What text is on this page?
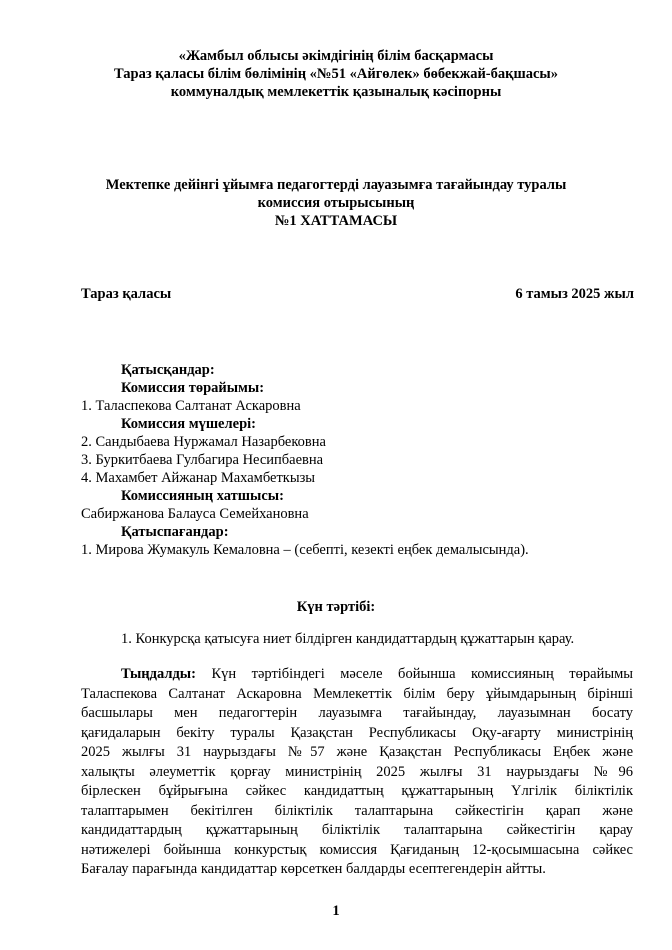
«Жамбыл облысы әкімдігінің білім басқармасы
Тараз қаласы білім бөлімінің «№51 «Айгөлек» бөбекжай-бақшасы»
коммуналдық мемлекеттік қазыналық кәсіпорны
Мектепке дейінгі ұйымға педагогтерді лауазымға тағайындау туралы
комиссия отырысының
№1 ХАТТАМАСЫ
Тараз қаласы	6 тамыз 2025 жыл
Қатысқандар:
Комиссия төрайымы:
1. Таласпекова Салтанат Аскаровна
Комиссия мүшелері:
2. Сандыбаева Нуржамал Назарбековна
3. Буркитбаева Гулбагира Несипбаевна
4. Махамбет Айжанар Махамбеткызы
Комиссияның хатшысы:
Сабиржанова Балауса Семейхановна
Қатыспағандар:
1. Мирова Жумакуль Кемаловна – (себепті, кезекті еңбек демалысында).
Күн тәртібі:
1. Конкурсқа қатысуға ниет білдірген кандидаттардың құжаттарын қарау.

Тыңдалды: Күн тәртібіндегі мәселе бойынша комиссияның төрайымы

Таласпекова Салтанат Аскаровна Мемлекеттік білім беру ұйымдарының бірінші

басшылары мен педагогтерін лауазымға тағайындау, лауазымнан босату

қағидаларын бекіту туралы Қазақстан Республикасы Оқу-ағарту министрінің

2025 жылғы 31 наурыздағы №57 және Қазақстан Республикасы Еңбек және

халықты әлеуметтік қорғау министрінің 2025 жылғы 31 наурыздағы №96

бірлескен бұйрығына сәйкес кандидаттың құжаттарының Үлгілік біліктілік

талаптарымен бекітілген біліктілік талаптарына сәйкестігін қарап және

кандидаттардың құжаттарының біліктілік талаптарына сәйкестігін қарау

нәтижелері бойынша конкурстық комиссия Қағиданың 12-қосымшасына сәйкес

Бағалау парағында кандидаттар көрсеткен балдарды есептегендерін айтты.

1
